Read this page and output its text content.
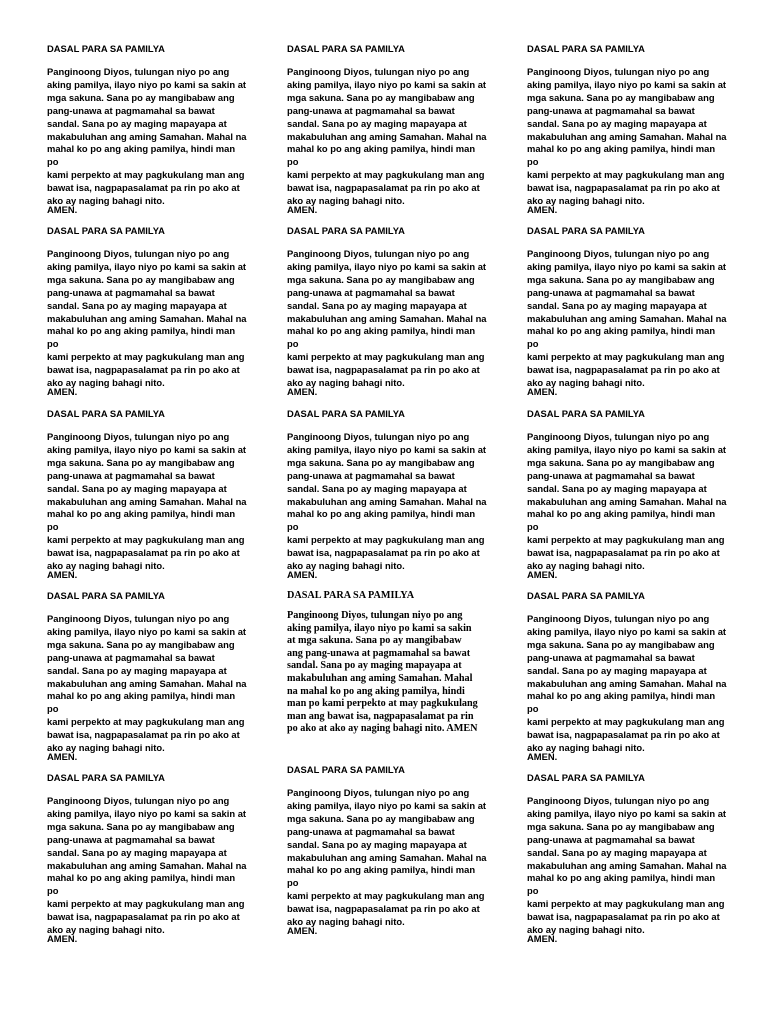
DASAL PARA SA PAMILYA

Panginoong Diyos, tulungan niyo po ang
aking pamilya, ilayo niyo po kami sa sakin at
mga sakuna. Sana po ay mangibabaw ang
pang-unawa at pagmamahal sa bawat
sandal. Sana po ay maging mapayapa at
makabuluhan ang aming Samahan. Mahal na
mahal ko po ang aking pamilya, hindi man po
kami perpekto at may pagkukulang man ang
bawat isa, nagpapasalamat pa rin po ako at
ako ay naging bahagi nito.

AMEN.

DASAL PARA SA PAMILYA

Panginoong Diyos, tulungan niyo po ang
aking pamilya, ilayo niyo po kami sa sakin at
mga sakuna. Sana po ay mangibabaw ang
pang-unawa at pagmamahal sa bawat
sandal. Sana po ay maging mapayapa at
makabuluhan ang aming Samahan. Mahal na
mahal ko po ang aking pamilya, hindi man po
kami perpekto at may pagkukulang man ang
bawat isa, nagpapasalamat pa rin po ako at
ako ay naging bahagi nito.

AMEN.

DASAL PARA SA PAMILYA

Panginoong Diyos, tulungan niyo po ang
aking pamilya, ilayo niyo po kami sa sakin at
mga sakuna. Sana po ay mangibabaw ang
pang-unawa at pagmamahal sa bawat
sandal. Sana po ay maging mapayapa at
makabuluhan ang aming Samahan. Mahal na
mahal ko po ang aking pamilya, hindi man po
kami perpekto at may pagkukulang man ang
bawat isa, nagpapasalamat pa rin po ako at
ako ay naging bahagi nito.

AMEN.

DASAL PARA SA PAMILYA

Panginoong Diyos, tulungan niyo po ang
aking pamilya, ilayo niyo po kami sa sakin at
mga sakuna. Sana po ay mangibabaw ang
pang-unawa at pagmamahal sa bawat
sandal. Sana po ay maging mapayapa at
makabuluhan ang aming Samahan. Mahal na
mahal ko po ang aking pamilya, hindi man po
kami perpekto at may pagkukulang man ang
bawat isa, nagpapasalamat pa rin po ako at
ako ay naging bahagi nito.

AMEN.

DASAL PARA SA PAMILYA

Panginoong Diyos, tulungan niyo po ang
aking pamilya, ilayo niyo po kami sa sakin at
mga sakuna. Sana po ay mangibabaw ang
pang-unawa at pagmamahal sa bawat
sandal. Sana po ay maging mapayapa at
makabuluhan ang aming Samahan. Mahal na
mahal ko po ang aking pamilya, hindi man po
kami perpekto at may pagkukulang man ang
bawat isa, nagpapasalamat pa rin po ako at
ako ay naging bahagi nito.

AMEN.

DASAL PARA SA PAMILYA

Panginoong Diyos, tulungan niyo po ang
aking pamilya, ilayo niyo po kami sa sakin at
mga sakuna. Sana po ay mangibabaw ang
pang-unawa at pagmamahal sa bawat
sandal. Sana po ay maging mapayapa at
makabuluhan ang aming Samahan. Mahal na
mahal ko po ang aking pamilya, hindi man po
kami perpekto at may pagkukulang man ang
bawat isa, nagpapasalamat pa rin po ako at
ako ay naging bahagi nito.

AMEN.

DASAL PARA SA PAMILYA

Panginoong Diyos, tulungan niyo po ang
aking pamilya, ilayo niyo po kami sa sakin at
mga sakuna. Sana po ay mangibabaw ang
pang-unawa at pagmamahal sa bawat
sandal. Sana po ay maging mapayapa at
makabuluhan ang aming Samahan. Mahal na
mahal ko po ang aking pamilya, hindi man po
kami perpekto at may pagkukulang man ang
bawat isa, nagpapasalamat pa rin po ako at
ako ay naging bahagi nito.

AMEN.

DASAL PARA SA PAMILYA

Panginoong Diyos, tulungan niyo po ang
aking pamilya, ilayo niyo po kami sa sakin at
mga sakuna. Sana po ay mangibabaw ang
pang-unawa at pagmamahal sa bawat
sandal. Sana po ay maging mapayapa at
makabuluhan ang aming Samahan. Mahal na
mahal ko po ang aking pamilya, hindi man po
kami perpekto at may pagkukulang man ang
bawat isa, nagpapasalamat pa rin po ako at
ako ay naging bahagi nito.

AMEN.

DASAL PARA SA PAMILYA

Panginoong Diyos, tulungan niyo po ang
aking pamilya, ilayo niyo po kami sa sakin
at mga sakuna. Sana po ay mangibabaw
ang pang-unawa at pagmamahal sa bawat
sandal. Sana po ay maging mapayapa at
makabuluhan ang aming Samahan. Mahal
na mahal ko po ang aking pamilya, hindi
man po kami perpekto at may pagkukulang
man ang bawat isa, nagpapasalamat pa rin
po ako at ako ay naging bahagi nito. AMEN

DASAL PARA SA PAMILYA

Panginoong Diyos, tulungan niyo po ang
aking pamilya, ilayo niyo po kami sa sakin at
mga sakuna. Sana po ay mangibabaw ang
pang-unawa at pagmamahal sa bawat
sandal. Sana po ay maging mapayapa at
makabuluhan ang aming Samahan. Mahal na
mahal ko po ang aking pamilya, hindi man po
kami perpekto at may pagkukulang man ang
bawat isa, nagpapasalamat pa rin po ako at
ako ay naging bahagi nito.

AMEN.

DASAL PARA SA PAMILYA

Panginoong Diyos, tulungan niyo po ang
aking pamilya, ilayo niyo po kami sa sakin at
mga sakuna. Sana po ay mangibabaw ang
pang-unawa at pagmamahal sa bawat
sandal. Sana po ay maging mapayapa at
makabuluhan ang aming Samahan. Mahal na
mahal ko po ang aking pamilya, hindi man po
kami perpekto at may pagkukulang man ang
bawat isa, nagpapasalamat pa rin po ako at
ako ay naging bahagi nito.

AMEN.

DASAL PARA SA PAMILYA

Panginoong Diyos, tulungan niyo po ang
aking pamilya, ilayo niyo po kami sa sakin at
mga sakuna. Sana po ay mangibabaw ang
pang-unawa at pagmamahal sa bawat
sandal. Sana po ay maging mapayapa at
makabuluhan ang aming Samahan. Mahal na
mahal ko po ang aking pamilya, hindi man po
kami perpekto at may pagkukulang man ang
bawat isa, nagpapasalamat pa rin po ako at
ako ay naging bahagi nito.

AMEN.

DASAL PARA SA PAMILYA

Panginoong Diyos, tulungan niyo po ang
aking pamilya, ilayo niyo po kami sa sakin at
mga sakuna. Sana po ay mangibabaw ang
pang-unawa at pagmamahal sa bawat
sandal. Sana po ay maging mapayapa at
makabuluhan ang aming Samahan. Mahal na
mahal ko po ang aking pamilya, hindi man po
kami perpekto at may pagkukulang man ang
bawat isa, nagpapasalamat pa rin po ako at
ako ay naging bahagi nito.

AMEN.

DASAL PARA SA PAMILYA

Panginoong Diyos, tulungan niyo po ang
aking pamilya, ilayo niyo po kami sa sakin at
mga sakuna. Sana po ay mangibabaw ang
pang-unawa at pagmamahal sa bawat
sandal. Sana po ay maging mapayapa at
makabuluhan ang aming Samahan. Mahal na
mahal ko po ang aking pamilya, hindi man po
kami perpekto at may pagkukulang man ang
bawat isa, nagpapasalamat pa rin po ako at
ako ay naging bahagi nito.

AMEN.

DASAL PARA SA PAMILYA

Panginoong Diyos, tulungan niyo po ang
aking pamilya, ilayo niyo po kami sa sakin at
mga sakuna. Sana po ay mangibabaw ang
pang-unawa at pagmamahal sa bawat
sandal. Sana po ay maging mapayapa at
makabuluhan ang aming Samahan. Mahal na
mahal ko po ang aking pamilya, hindi man po
kami perpekto at may pagkukulang man ang
bawat isa, nagpapasalamat pa rin po ako at
ako ay naging bahagi nito.

AMEN.
